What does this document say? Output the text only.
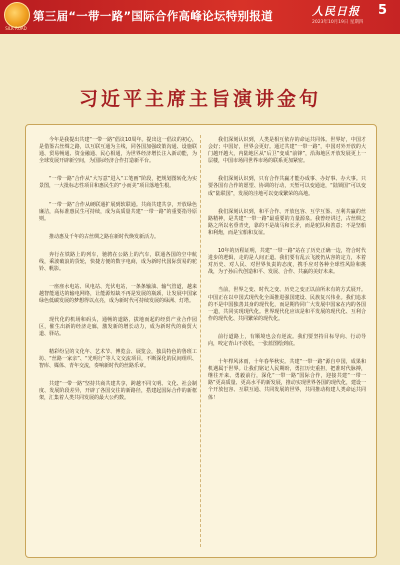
SILK ROAD
第三届“一带一路”国际合作高峰论坛特别报道	人民日报 5
2023年10月19日 星期四
习近平主席主旨演讲金句

今年是我提出共建“一带一路”倡议10周年。提出这一倡议的初心，是借鉴古丝绸之路，以互联互通为主线，同各国加强政策沟通、设施联通、贸易畅通、资金融通、民心相通，为世界经济增长注入新动能，为全球发展开辟新空间，为国际经济合作打造新平台。

“一带一路”合作从“大写意”进入“工笔画”阶段，把规划图转化为实景图，一大批标志性项目和惠民生的“小而美”项目落地生根。

“一带一路”合作从硬联通扩展到软联通。共商共建共享，开放绿色廉洁，高标准惠民生可持续，成为高质量共建“一带一路”的重要指导原则。

推动惠及千年的古丝绸之路在新时代焕发新活力。

奔行在铁路上的列车，驰骋在公路上的汽车，联通各国的空中航线，乘波破浪的货轮，快捷方便的数字电商，成为新时代国际贸易的驼铃、帆影。

一座座水电站、风电站、光伏电站，一条条输油、输气管道，越来越智能通达的输电网络，让能源短缺不再是发展的瓶颈，让发展中国家绿色低碳发展的梦想得以点亮，成为新时代可持续发展的绿洲、灯塔。

现代化的机场和码头，通畅的道路，拔地而起的经贸产业合作园区，催生出新的经济走廊，激发新的增长动力，成为新时代的商贸大道、驿站。

精彩纷呈的文化年、艺术节、博览会、展览会，独具特色的鲁班工坊、“丝路一家亲”、“光明行”等人文交流项目，不断深化的民间组织、智库、媒体、青年交流，奏响新时代的丝路乐章。

共建“一带一路”坚持共商共建共享，跨越不同文明、文化、社会制度、发展阶段差异，开辟了各国交往的新路径，搭建起国际合作的新框架，汇集着人类共同发展的最大公约数。

我们深刻认识到，人类是相互依存的命运共同体。世界好，中国才会好；中国好，世界会更好。通过共建“一带一路”，中国对外开放的大门越开越大，内陆地区从“后卫”变成“前锋”，沿海地区开放发展更上一层楼，中国市场同世界市场的联系更加紧密。

我们深刻认识到，只有合作共赢才能办成事、办好事、办大事。只要各国有合作的愿望、协调的行动，天堑可以变通途，“陆锁国”可以变成“陆联国”，发展的洼地可以变成繁荣的高地。

我们深刻认识到，和平合作、开放包容、互学互鉴、互利共赢的丝路精神，是共建“一带一路”最重要的力量源泉。我曾经讲过，古丝绸之路之所以名垂青史，靠的不是战马和长矛，而是驼队和善意；不是坚船和利炮，而是宝船和友谊。

10年的历程证明，共建“一带一路”站在了历史正确一边，符合时代进步的逻辑，走的是人间正道。我们要有乱云飞渡仍从容的定力，本着对历史、对人民、对世界负责的态度，携手应对各种全球性风险和挑战，为子孙后代创造和平、发展、合作、共赢的美好未来。

当前，世界之变、时代之变、历史之变正以前所未有的方式展开。中国正在以中国式现代化全面推进强国建设、民族复兴伟业。我们追求的不是中国独善其身的现代化，而是期待同广大发展中国家在内的各国一道，共同实现现代化。世界现代化应该是和平发展的现代化、互利合作的现代化、共同繁荣的现代化。

前行道路上，有顺境也会有逆流。我们要坚持目标导向、行动导向，咬定青山不放松，一张蓝图绘到底。

十年栉风沐雨，十年春华秋实。共建“一带一路”源自中国，成果和机遇属于世界。让我们铭记人民期盼，勇扛历史重担，把准时代脉搏，继往开来、勇毅前行，深化“一带一路”国际合作，迎接共建“一带一路”更高质量、更高水平的新发展，推动实现世界各国的现代化，建设一个开放包容、互联互通、共同发展的世界，共同推动构建人类命运共同体！
